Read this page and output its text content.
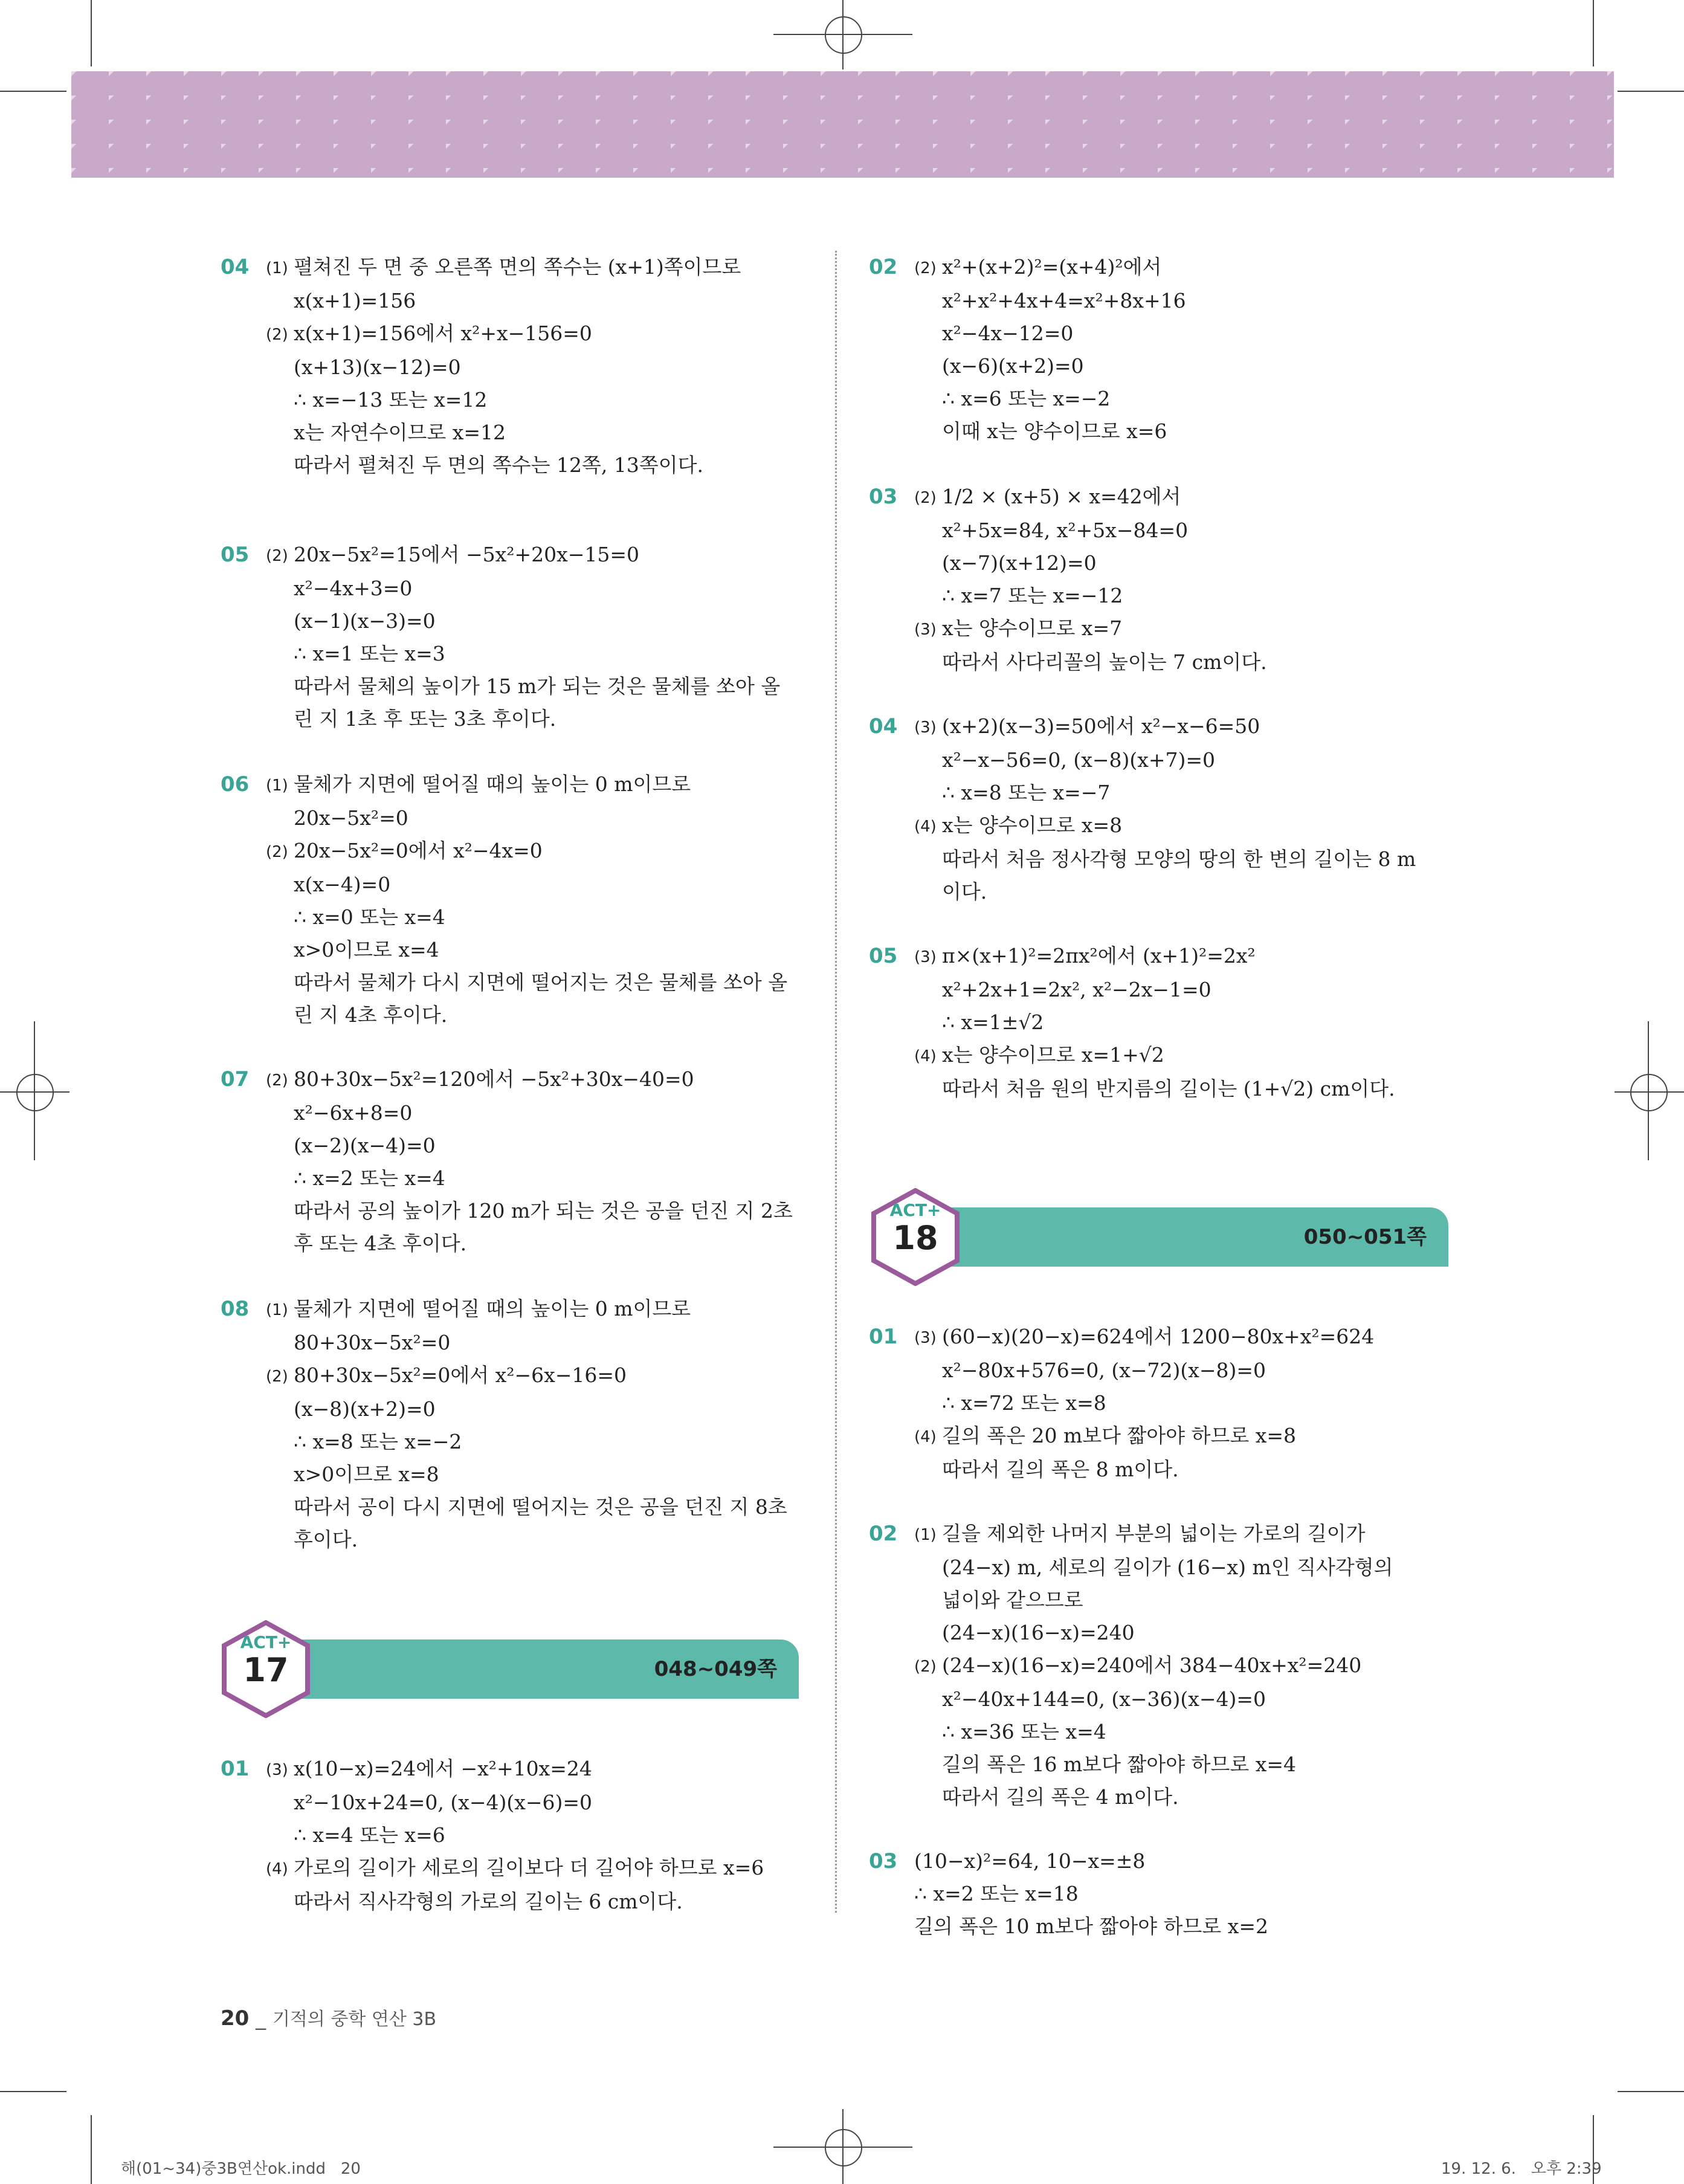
04 (1) 펼쳐진 두 면 중 오른쪽 면의 쪽수는 (x+1)쪽이므로
x(x+1)=156
(2) x(x+1)=156에서 x²+x−156=0
(x+13)(x−12)=0
∴ x=−13 또는 x=12
x는 자연수이므로 x=12
따라서 펼쳐진 두 면의 쪽수는 12쪽, 13쪽이다.
05 (2) 20x−5x²=15에서 −5x²+20x−15=0
x²−4x+3=0
(x−1)(x−3)=0
∴ x=1 또는 x=3
따라서 물체의 높이가 15 m가 되는 것은 물체를 쏘아 올
린 지 1초 후 또는 3초 후이다.
06 (1) 물체가 지면에 떨어질 때의 높이는 0 m이므로
20x−5x²=0
(2) 20x−5x²=0에서 x²−4x=0
x(x−4)=0
∴ x=0 또는 x=4
x>0이므로 x=4
따라서 물체가 다시 지면에 떨어지는 것은 물체를 쏘아 올
린 지 4초 후이다.
07 (2) 80+30x−5x²=120에서 −5x²+30x−40=0
x²−6x+8=0
(x−2)(x−4)=0
∴ x=2 또는 x=4
따라서 공의 높이가 120 m가 되는 것은 공을 던진 지 2초
후 또는 4초 후이다.
08 (1) 물체가 지면에 떨어질 때의 높이는 0 m이므로
80+30x−5x²=0
(2) 80+30x−5x²=0에서 x²−6x−16=0
(x−8)(x+2)=0
∴ x=8 또는 x=−2
x>0이므로 x=8
따라서 공이 다시 지면에 떨어지는 것은 공을 던진 지 8초
후이다.
048~049쪽
ACT+
17
01 (3) x(10−x)=24에서 −x²+10x=24
x²−10x+24=0, (x−4)(x−6)=0
∴ x=4 또는 x=6
(4) 가로의 길이가 세로의 길이보다 더 길어야 하므로 x=6
따라서 직사각형의 가로의 길이는 6 cm이다.
02 (2) x²+(x+2)²=(x+4)²에서
x²+x²+4x+4=x²+8x+16
x²−4x−12=0
(x−6)(x+2)=0
∴ x=6 또는 x=−2
이때 x는 양수이므로 x=6
03 (2) 1/2 × (x+5) × x=42에서
x²+5x=84, x²+5x−84=0
(x−7)(x+12)=0
∴ x=7 또는 x=−12
(3) x는 양수이므로 x=7
따라서 사다리꼴의 높이는 7 cm이다.
04 (3) (x+2)(x−3)=50에서 x²−x−6=50
x²−x−56=0, (x−8)(x+7)=0
∴ x=8 또는 x=−7
(4) x는 양수이므로 x=8
따라서 처음 정사각형 모양의 땅의 한 변의 길이는 8 m
이다.
05 (3) π×(x+1)²=2πx²에서 (x+1)²=2x²
x²+2x+1=2x², x²−2x−1=0
∴ x=1±√2
(4) x는 양수이므로 x=1+√2
따라서 처음 원의 반지름의 길이는 (1+√2) cm이다.
050~051쪽
ACT+
18
01 (3) (60−x)(20−x)=624에서 1200−80x+x²=624
x²−80x+576=0, (x−72)(x−8)=0
∴ x=72 또는 x=8
(4) 길의 폭은 20 m보다 짧아야 하므로 x=8
따라서 길의 폭은 8 m이다.
02 (1) 길을 제외한 나머지 부분의 넓이는 가로의 길이가
(24−x) m, 세로의 길이가 (16−x) m인 직사각형의
넓이와 같으므로
(24−x)(16−x)=240
(2) (24−x)(16−x)=240에서 384−40x+x²=240
x²−40x+144=0, (x−36)(x−4)=0
∴ x=36 또는 x=4
길의 폭은 16 m보다 짧아야 하므로 x=4
따라서 길의 폭은 4 m이다.
03 (10−x)²=64, 10−x=±8
∴ x=2 또는 x=18
길의 폭은 10 m보다 짧아야 하므로 x=2
20 _ 기적의 중학 연산 3B
해(01~34)중3B연산ok.indd   20	19. 12. 6.   오후 2:39
